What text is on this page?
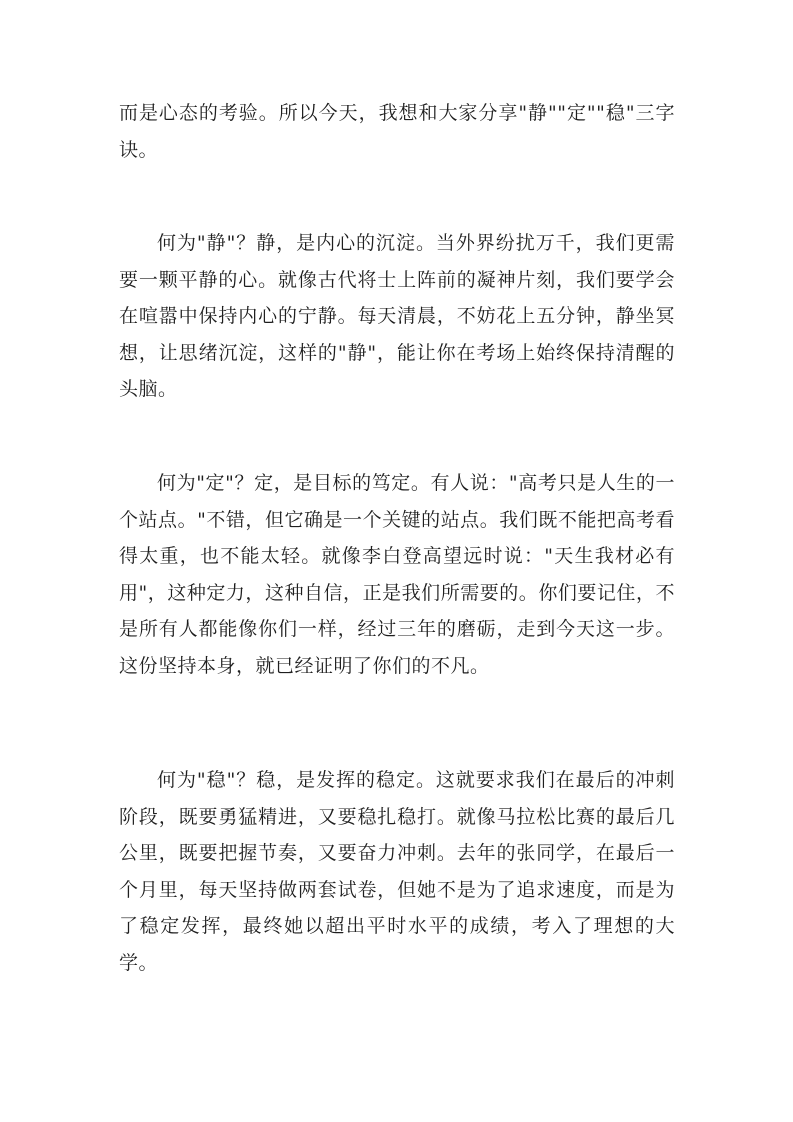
而是心态的考验。所以今天，我想和大家分享"静""定""稳"三字诀。

何为"静"？静，是内心的沉淀。当外界纷扰万千，我们更需要一颗平静的心。就像古代将士上阵前的凝神片刻，我们要学会在喧嚣中保持内心的宁静。每天清晨，不妨花上五分钟，静坐冥想，让思绪沉淀，这样的"静"，能让你在考场上始终保持清醒的头脑。

何为"定"？定，是目标的笃定。有人说："高考只是人生的一个站点。"不错，但它确是一个关键的站点。我们既不能把高考看得太重，也不能太轻。就像李白登高望远时说："天生我材必有用"，这种定力，这种自信，正是我们所需要的。你们要记住，不是所有人都能像你们一样，经过三年的磨砺，走到今天这一步。这份坚持本身，就已经证明了你们的不凡。

何为"稳"？稳，是发挥的稳定。这就要求我们在最后的冲刺阶段，既要勇猛精进，又要稳扎稳打。就像马拉松比赛的最后几公里，既要把握节奏，又要奋力冲刺。去年的张同学，在最后一个月里，每天坚持做两套试卷，但她不是为了追求速度，而是为了稳定发挥，最终她以超出平时水平的成绩，考入了理想的大学。
